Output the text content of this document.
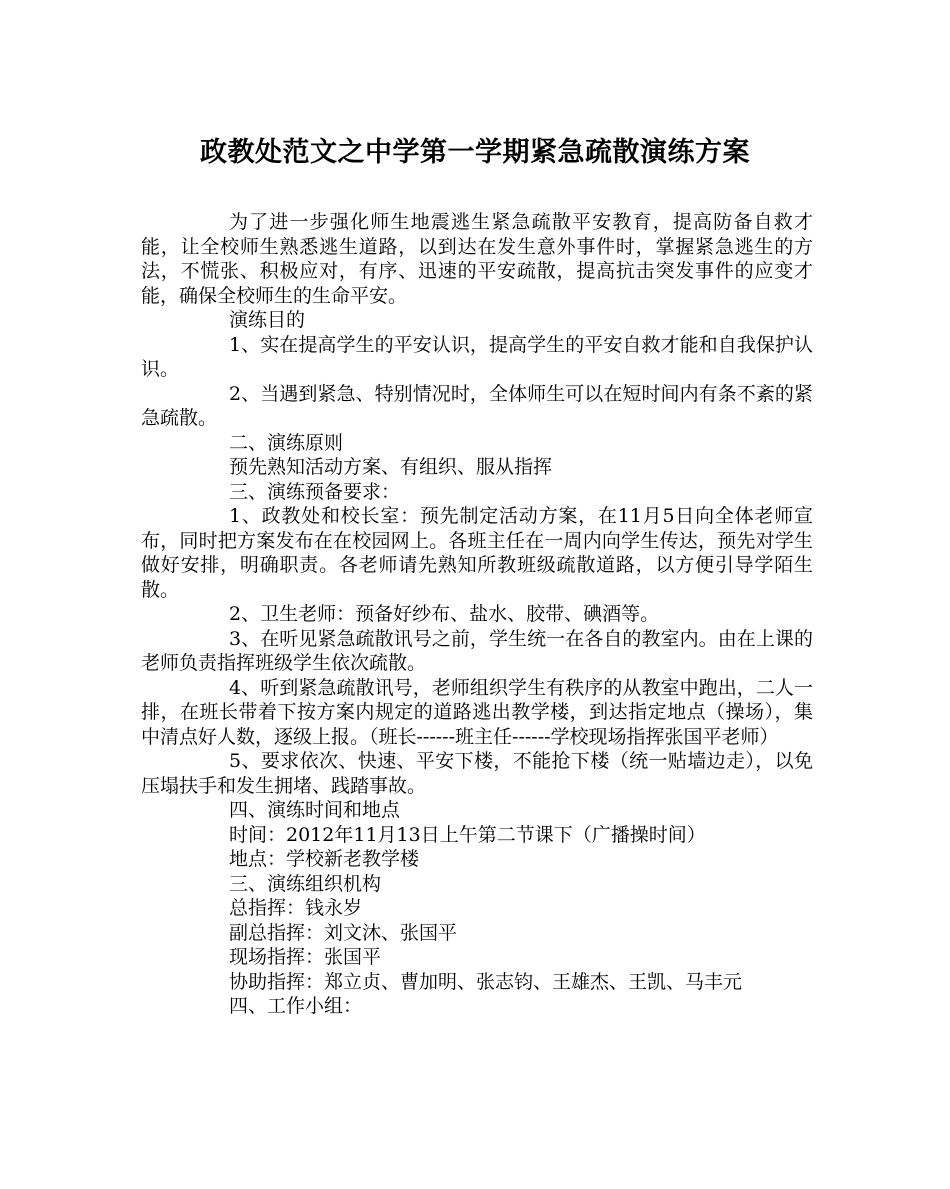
政教处范文之中学第一学期紧急疏散演练方案

为了进一步强化师生地震逃生紧急疏散平安教育，提高防备自救才能，让全校师生熟悉逃生道路，以到达在发生意外事件时，掌握紧急逃生的方法，不慌张、积极应对，有序、迅速的平安疏散，提高抗击突发事件的应变才能，确保全校师生的生命平安。

演练目的

1、实在提高学生的平安认识，提高学生的平安自救才能和自我保护认识。

2、当遇到紧急、特别情况时，全体师生可以在短时间内有条不紊的紧急疏散。

二、演练原则

预先熟知活动方案、有组织、服从指挥

三、演练预备要求：

1、政教处和校长室：预先制定活动方案，在11月5日向全体老师宣布，同时把方案发布在在校园网上。各班主任在一周内向学生传达，预先对学生做好安排，明确职责。各老师请先熟知所教班级疏散道路，以方便引导学陌生散。

2、卫生老师：预备好纱布、盐水、胶带、碘酒等。

3、在听见紧急疏散讯号之前，学生统一在各自的教室内。由在上课的老师负责指挥班级学生依次疏散。

4、听到紧急疏散讯号，老师组织学生有秩序的从教室中跑出，二人一排，在班长带着下按方案内规定的道路逃出教学楼，到达指定地点（操场），集中清点好人数，逐级上报。（班长------班主任------学校现场指挥张国平老师）

5、要求依次、快速、平安下楼，不能抢下楼（统一贴墙边走），以免压塌扶手和发生拥堵、践踏事故。

四、演练时间和地点

时间：2012年11月13日上午第二节课下（广播操时间）

地点：学校新老教学楼

三、演练组织机构

总指挥：钱永岁

副总指挥：刘文沐、张国平

现场指挥：张国平

协助指挥：郑立贞、曹加明、张志钧、王雄杰、王凯、马丰元

四、工作小组：
